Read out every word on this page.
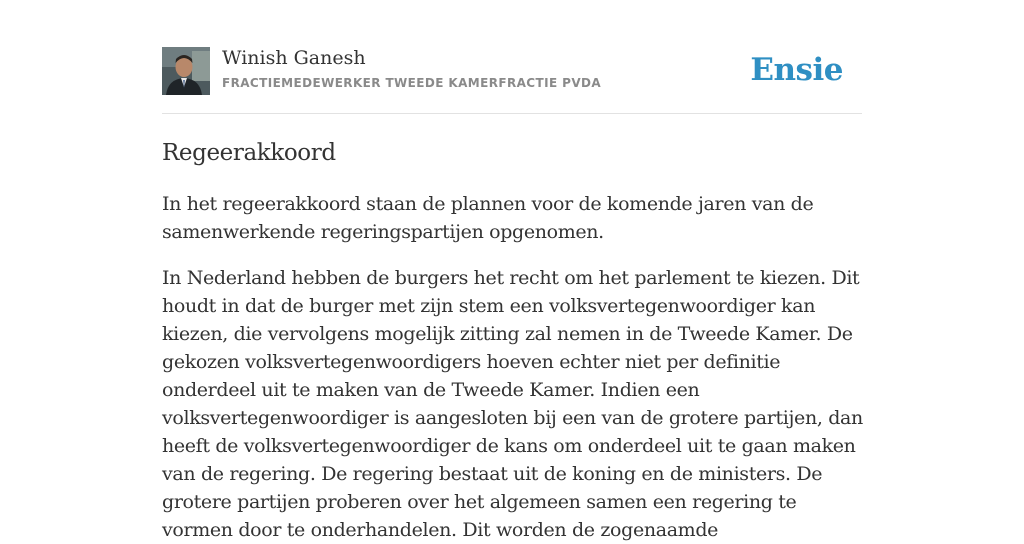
Winish Ganesh
FRACTIEMEDEWERKER TWEEDE KAMERFRACTIE PVDA	Ensie
Regeerakkoord

In het regeerakkoord staan de plannen voor de komende jaren van de samenwerkende regeringspartijen opgenomen.

In Nederland hebben de burgers het recht om het parlement te kiezen. Dit houdt in dat de burger met zijn stem een volksvertegenwoordiger kan kiezen, die vervolgens mogelijk zitting zal nemen in de Tweede Kamer. De gekozen volksvertegenwoordigers hoeven echter niet per definitie onderdeel uit te maken van de Tweede Kamer. Indien een volksvertegenwoordiger is aangesloten bij een van de grotere partijen, dan heeft de volksvertegenwoordiger de kans om onderdeel uit te gaan maken van de regering. De regering bestaat uit de koning en de ministers. De grotere partijen proberen over het algemeen samen een regering te vormen door te onderhandelen. Dit worden de zogenaamde
